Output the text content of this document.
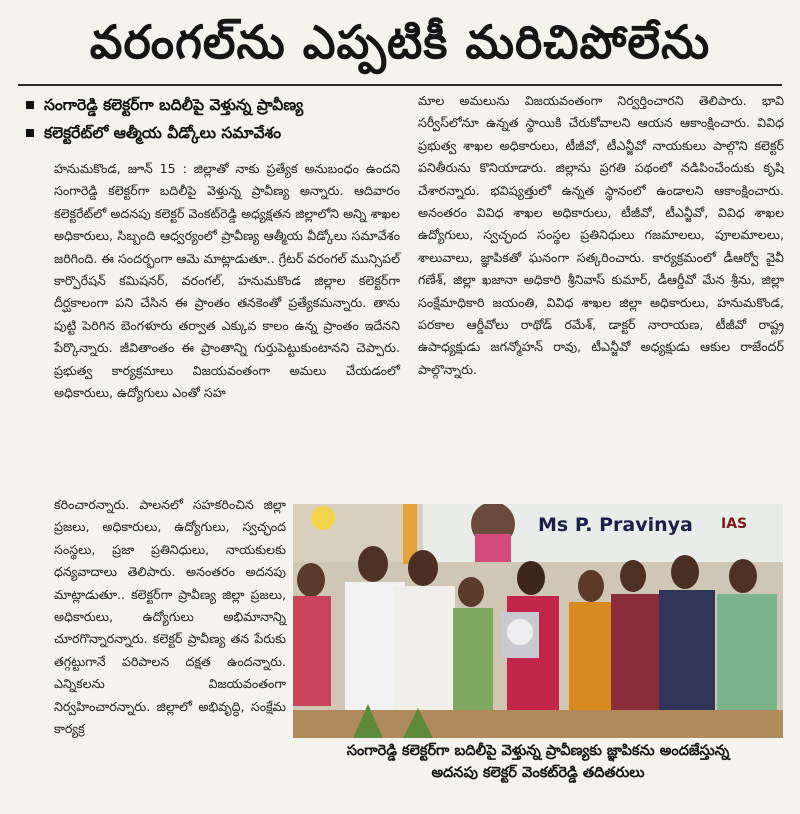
వరంగల్‌ను ఎప్పటికీ మరిచిపోలేను
సంగారెడ్డి కలెక్టర్‌గా బదిలీపై వెళ్తున్న ప్రావీణ్య
కలెక్టరేట్‌లో ఆత్మీయ వీడ్కోలు సమావేశం

హనుమకొండ, జూన్ 15 : జిల్లాతో నాకు ప్రత్యేక అనుబంధం ఉందని సంగారెడ్డి కలెక్టర్‌గా బదిలీపై వెళ్తున్న ప్రావీణ్య అన్నారు. ఆదివారం కలెక్టరేట్‌లో అదనపు కలెక్టర్ వెంకట్‌రెడ్డి అధ్యక్షతన జిల్లాలోని అన్ని శాఖల అధికారులు, సిబ్బంది ఆధ్వర్యంలో ప్రావీణ్య ఆత్మీయ వీడ్కోలు సమావేశం జరిగింది. ఈ సందర్భంగా ఆమె మాట్లాడుతూ.. గ్రేటర్ వరంగల్ మున్సిపల్ కార్పొరేషన్ కమిషనర్, వరంగల్, హనుమకొండ జిల్లాల కలెక్టర్‌గా దీర్ఘకాలంగా పని చేసిన ఈ ప్రాంతం తనకెంతో ప్రత్యేకమన్నారు. తాను పుట్టి పెరిగిన బెంగళూరు తర్వాత ఎక్కువ కాలం ఉన్న ప్రాంతం ఇదేనని పేర్కొన్నారు. జీవితాంతం ఈ ప్రాంతాన్ని గుర్తుపెట్టుకుంటానని చెప్పారు. ప్రభుత్వ కార్యక్రమాలు విజయవంతంగా అమలు చేయడంలో అధికారులు, ఉద్యోగులు ఎంతో సహ

కరించారన్నారు. పాలనలో సహకరించిన జిల్లా ప్రజలు, అధికారులు, ఉద్యోగులు, స్వచ్ఛంద సంస్థలు, ప్రజా ప్రతినిధులు, నాయకులకు ధన్యవాదాలు తెలిపారు. అనంతరం అదనపు మాట్లాడుతూ.. కలెక్టర్‌గా ప్రావీణ్య జిల్లా ప్రజలు, అధికారులు, ఉద్యోగులు అభిమానాన్ని చూరగొన్నారన్నారు. కలెక్టర్ ప్రావీణ్య తన పేరుకు తగ్గట్టుగానే పరిపాలన దక్షత ఉందన్నారు. ఎన్నికలను విజయవంతంగా నిర్వహించారన్నారు. జిల్లాలో అభివృద్ధి, సంక్షేమ కార్యక్ర

మాల అమలును విజయవంతంగా నిర్వర్తించారని తెలిపారు. భావి సర్వీస్‌లోనూ ఉన్నత స్థాయికి చేరుకోవాలని ఆయన ఆకాంక్షించారు. వివిధ ప్రభుత్వ శాఖల అధికారులు, టీజీవో, టీఎన్జీవో నాయకులు పాల్గొని కలెక్టర్ పనితీరును కొనియాడారు. జిల్లాను ప్రగతి పథంలో నడిపించేందుకు కృషి చేశారన్నారు. భవిష్యత్తులో ఉన్నత స్థానంలో ఉండాలని ఆకాంక్షించారు. అనంతరం వివిధ శాఖల అధికారులు, టీజీవో, టీఎన్జీవో, వివిధ శాఖల ఉద్యోగులు, స్వచ్ఛంద సంస్థల ప్రతినిధులు గజమాలలు, పూలమాలలు, శాలువాలు, జ్ఞాపికతో ఘనంగా సత్కరించారు. కార్యక్రమంలో డీఆర్వో వైవీ గణేశ్, జిల్లా ఖజానా అధికారి శ్రీనివాస్ కుమార్, డీఆర్డీవో మేన శ్రీను, జిల్లా సంక్షేమాధికారి జయంతి, వివిధ శాఖల జిల్లా అధికారులు, హనుమకొండ, పరకాల ఆర్డీవోలు రాథోడ్ రమేశ్, డాక్టర్ నారాయణ, టీజీవో రాష్ట్ర ఉపాధ్యక్షుడు జగన్మోహన్ రావు, టీఎన్జీవో అధ్యక్షుడు ఆకుల రాజేందర్ పాల్గొన్నారు.

Ms P. Pravinya IAS
సంగారెడ్డి కలెక్టర్‌గా బదిలీపై వెళ్తున్న ప్రావీణ్యకు జ్ఞాపికను అందజేస్తున్న
అదనపు కలెక్టర్ వెంకట్‌రెడ్డి తదితరులు
